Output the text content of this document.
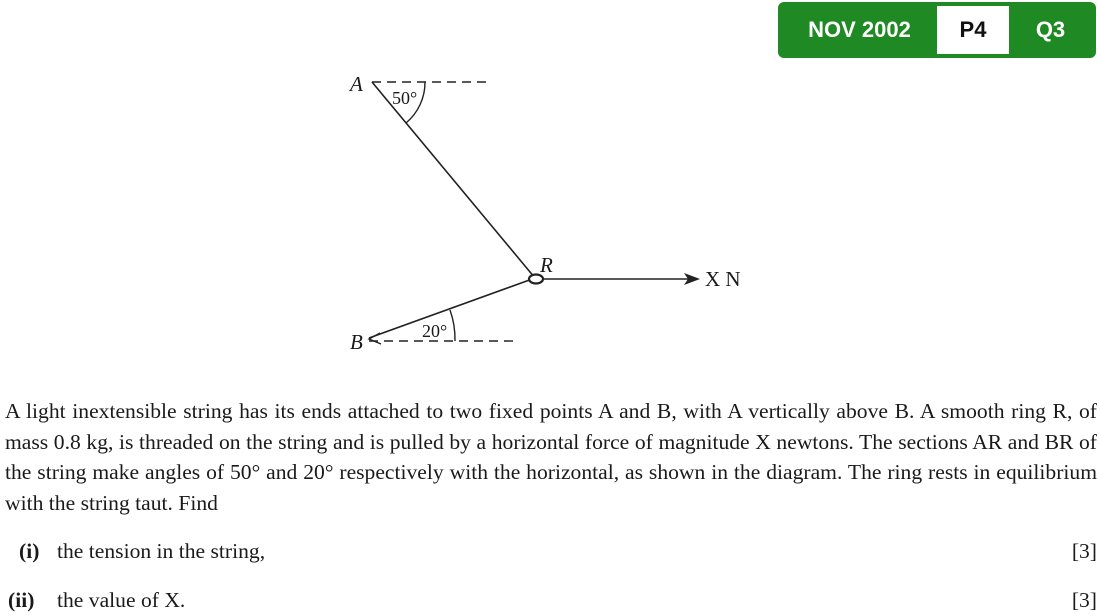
NOV 2002	P4	Q3
A
50°
R
X N
B	20°
A light inextensible string has its ends attached to two fixed points A and B, with A vertically above B. A smooth ring R, of mass 0.8 kg, is threaded on the string and is pulled by a horizontal force of magnitude X newtons. The sections AR and BR of the string make angles of 50° and 20° respectively with the horizontal, as shown in the diagram. The ring rests in equilibrium with the string taut. Find
(i) the tension in the string,	[3]
(ii) the value of X.	[3]
